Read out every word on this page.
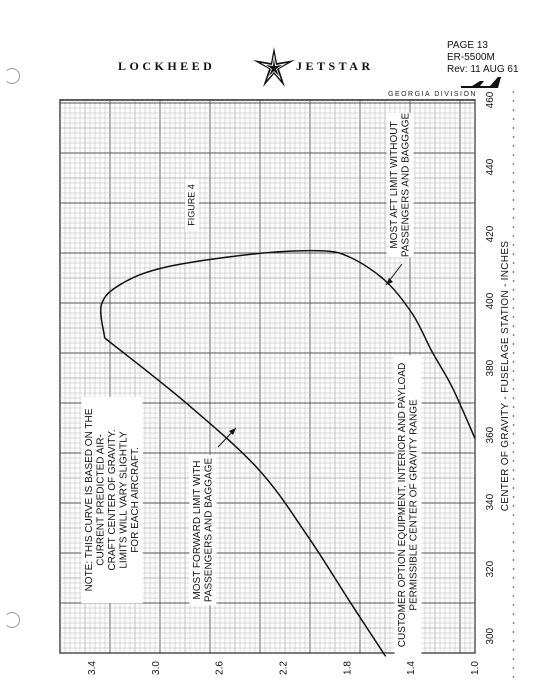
LOCKHEED	JETSTAR
PAGE 13
ER-5500M
Rev: 11 AUG 61
GEORGIA DIVISION
300
320
340
360
380
400
420
440
460
3.4	3.0	2.6	2.2	1.8	1.4	1.0
CENTER OF GRAVITY - FUSELAGE STATION - INCHES
NOTE: THIS CURVE IS BASED ON THE CURRENT PREDICTED AIR- CRAFT CENTER OF GRAVITY. LIMITS WILL VARY SLIGHTLY FOR EACH AIRCRAFT.	MOST FORWARD LIMIT WITH PASSENGERS AND BAGGAGE
MOST AFT LIMIT WITHOUT PASSENGERS AND BAGGAGE
CUSTOMER OPTION EQUIPMENT, INTERIOR AND PAYLOAD PERMISSIBLE CENTER OF GRAVITY RANGE
FIGURE 4
